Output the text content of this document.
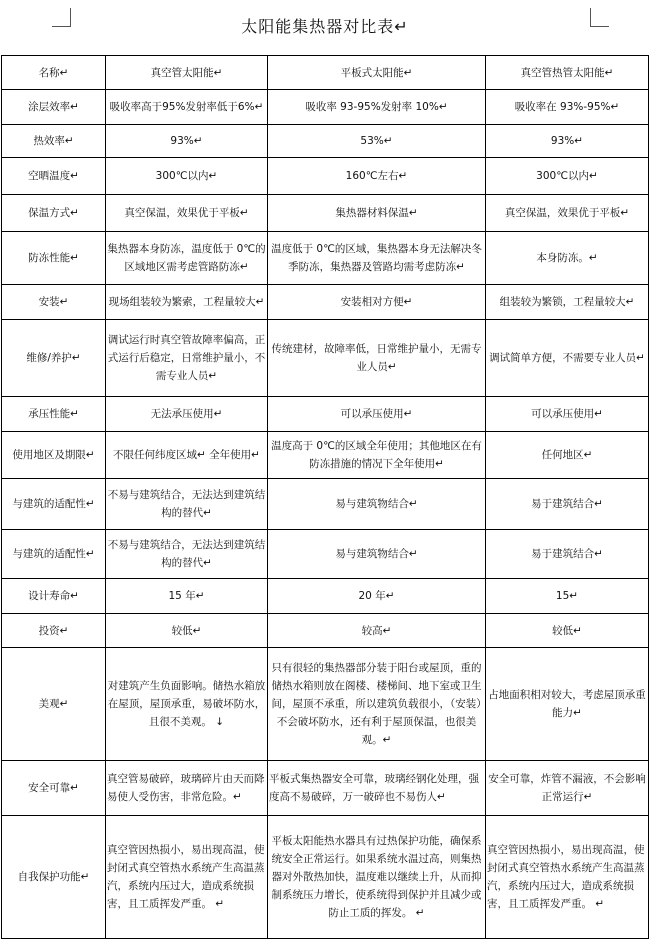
太阳能集热器对比表↵
名称↵	真空管太阳能↵	平板式太阳能↵	真空管热管太阳能↵
涂层效率↵	吸收率高于95%发射率低于6%↵	吸收率 93-95%发射率 10%↵	吸收率在 93%-95%↵
热效率↵	93%↵	53%↵	93%↵
空晒温度↵	300℃以内↵	160℃左右↵	300℃以内↵
保温方式↵	真空保温，效果优于平板↵	集热器材料保温↵	真空保温，效果优于平板↵
防冻性能↵	集热器本身防冻，温度低于 0℃的区域地区需考虑管路防冻↵	温度低于 0℃的区域，集热器本身无法解决冬季防冻，集热器及管路均需考虑防冻↵	本身防冻。↵
安装↵	现场组装较为繁索，工程量较大↵	安装相对方便↵	组装较为繁锁，工程量较大↵
维修/养护↵	调试运行时真空管故障率偏高，正式运行后稳定，日常维护量小，不需专业人员↵	传统建材，故障率低，日常维护量小，无需专业人员↵	调试简单方便，不需要专业人员↵
承压性能↵	无法承压使用↵	可以承压使用↵	可以承压使用↵
使用地区及期限↵	不限任何纬度区域↵ 全年使用↵	温度高于 0℃的区域全年使用；其他地区在有防冻措施的情况下全年使用↵	任何地区↵
与建筑的适配性↵	不易与建筑结合，无法达到建筑结构的替代↵	易与建筑物结合↵	易于建筑结合↵
与建筑的适配性↵	不易与建筑结合，无法达到建筑结构的替代↵	易与建筑物结合↵	易于建筑结合↵
设计寿命↵	15 年↵	20 年↵	15↵
投资↵	较低↵	较高↵	较低↵
美观↵	对建筑产生负面影响。储热水箱放在屋顶，屋顶承重，易破坏防水，且很不美观。 ↓	只有很轻的集热器部分装于阳台或屋顶，重的储热水箱则放在阁楼、楼梯间、地下室或卫生间，屋顶不承重，所以建筑负载很小，（安装）不会破坏防水，还有利于屋顶保温，也很美观。↵	占地面积相对较大，考虑屋顶承重能力↵
安全可靠↵	真空管易破碎，玻璃碎片由天而降易使人受伤害，非常危险。↵	平板式集热器安全可靠，玻璃经钢化处理，强度高不易破碎，万一破碎也不易伤人↵	安全可靠，炸管不漏液，不会影响正常运行↵
自我保护功能↵	真空管因热损小，易出现高温，使封闭式真空管热水系统产生高温蒸汽，系统内压过大，造成系统损害，且工质挥发严重。 ↵	平板太阳能热水器具有过热保护功能，确保系统安全正常运行。如果系统水温过高，则集热器对外散热加快，温度难以继续上升，从而抑制系统压力增长，使系统得到保护并且减少或防止工质的挥发。 ↵	真空管因热损小，易出现高温，使封闭式真空管热水系统产生高温蒸汽，系统内压过大，造成系统损害，且工质挥发严重。 ↵
